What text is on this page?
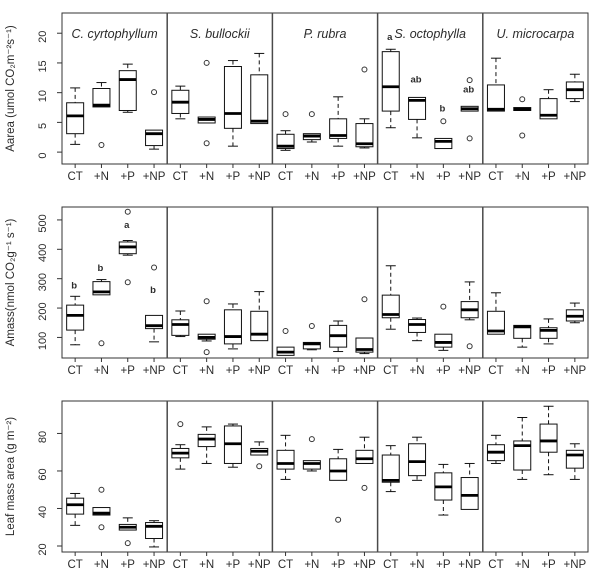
0
5
10
15
20
Aarea (umol CO₂m⁻²s⁻¹)	C. cyrtophyllum
CT +N +P +NP
S. bullockii
CT +N +P +NP
P. rubra
CT +N +P +NP
S. octophylla
CT
a
+N
ab
+P
b
+NP
ab
U. microcarpa
CT +N +P +NP
100
200
300
400
500
Amass(nmol CO₂g⁻¹ s⁻¹)
CT
b
+N
b
+P
a
+NP
b
CT +N +P +NP CT +N +P +NP CT +N +P +NP CT +N +P +NP
20
40
60
80
Leaf mass area (g m⁻²)
CT +N +P +NP CT +N +P +NP CT +N +P +NP CT +N +P +NP CT +N +P +NP
